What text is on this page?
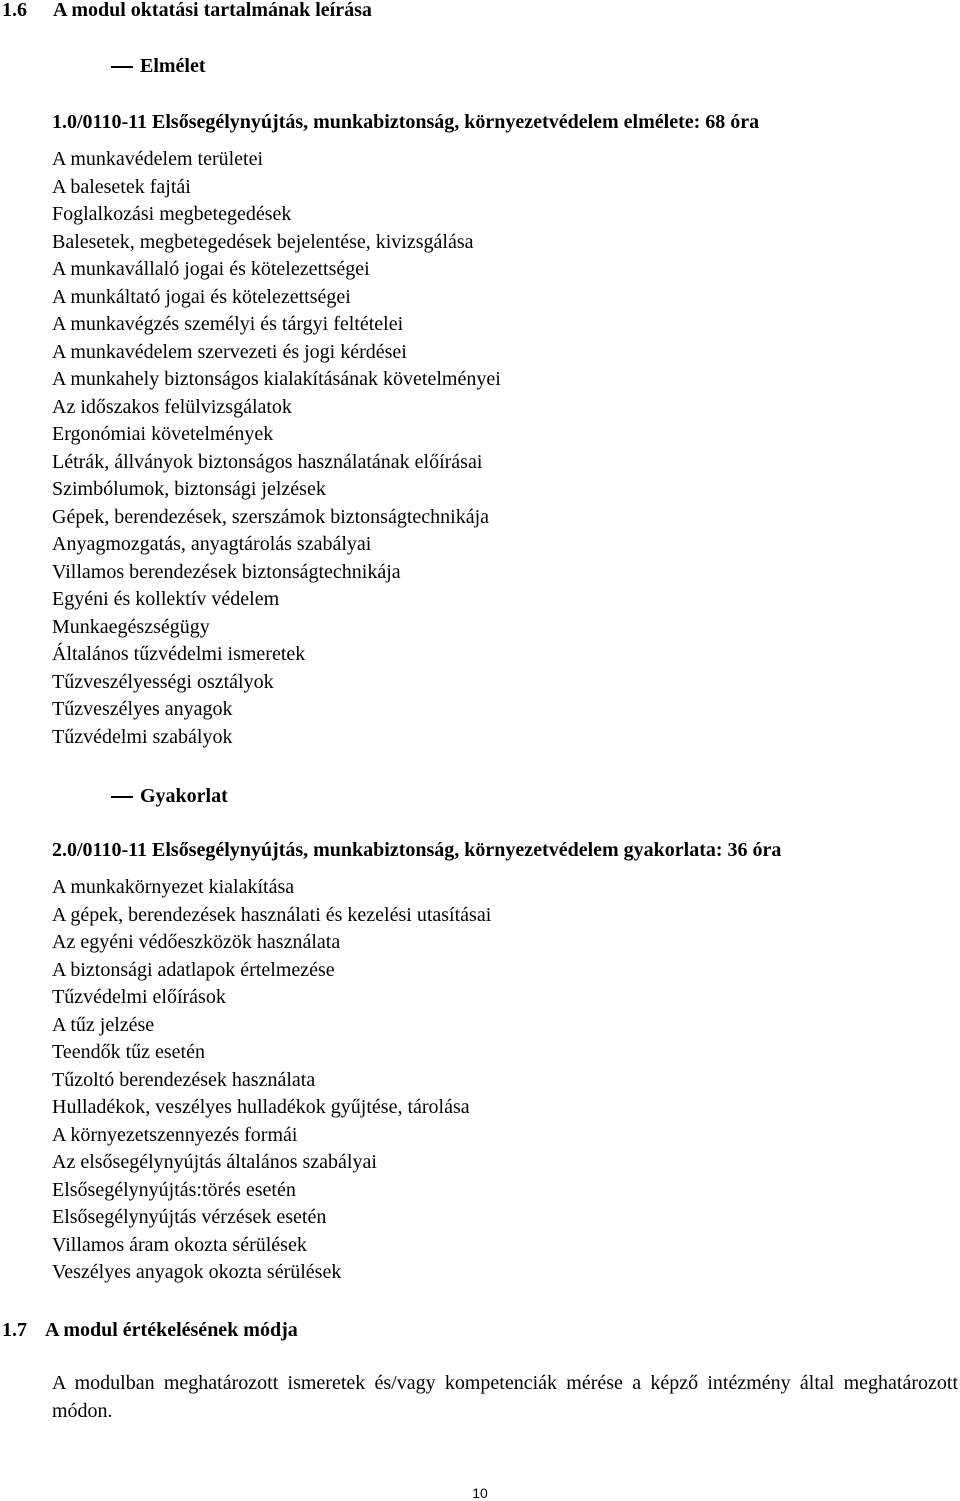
1.6 A modul oktatási tartalmának leírása
Elmélet
1.0/0110-11 Elsősegélynyújtás, munkabiztonság, környezetvédelem elmélete: 68 óra
A munkavédelem területei
A balesetek fajtái
Foglalkozási megbetegedések
Balesetek, megbetegedések bejelentése, kivizsgálása
A munkavállaló jogai és kötelezettségei
A munkáltató jogai és kötelezettségei
A munkavégzés személyi és tárgyi feltételei
A munkavédelem szervezeti és jogi kérdései
A munkahely biztonságos kialakításának követelményei
Az időszakos felülvizsgálatok
Ergonómiai követelmények
Létrák, állványok biztonságos használatának előírásai
Szimbólumok, biztonsági jelzések
Gépek, berendezések, szerszámok biztonságtechnikája
Anyagmozgatás, anyagtárolás szabályai
Villamos berendezések biztonságtechnikája
Egyéni és kollektív védelem
Munkaegészségügy
Általános tűzvédelmi ismeretek
Tűzveszélyességi osztályok
Tűzveszélyes anyagok
Tűzvédelmi szabályok
Gyakorlat
2.0/0110-11 Elsősegélynyújtás, munkabiztonság, környezetvédelem gyakorlata: 36 óra
A munkakörnyezet kialakítása
A gépek, berendezések használati és kezelési utasításai
Az egyéni védőeszközök használata
A biztonsági adatlapok értelmezése
Tűzvédelmi előírások
A tűz jelzése
Teendők tűz esetén
Tűzoltó berendezések használata
Hulladékok, veszélyes hulladékok gyűjtése, tárolása
A környezetszennyezés formái
Az elsősegélynyújtás általános szabályai
Elsősegélynyújtás:törés esetén
Elsősegélynyújtás vérzések esetén
Villamos áram okozta sérülések
Veszélyes anyagok okozta sérülések
1.7 A modul értékelésének módja
A modulban meghatározott ismeretek és/vagy kompetenciák mérése a képző intézmény által meghatározott módon.
10
